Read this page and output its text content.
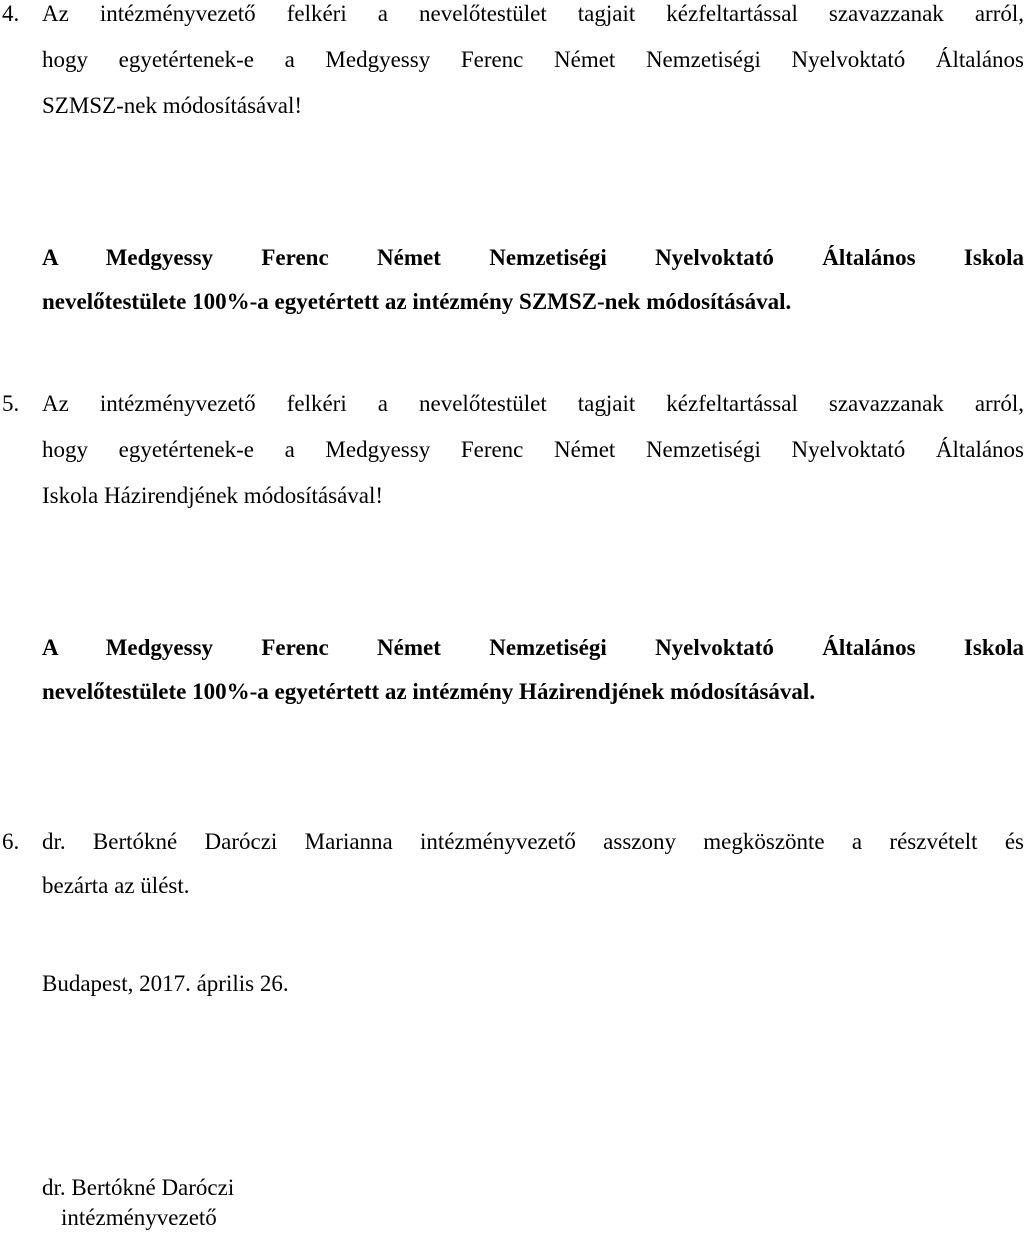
4. Az intézményvezető felkéri a nevelőtestület tagjait kézfeltartással szavazzanak arról,
hogy egyetértenek-e a Medgyessy Ferenc Német Nemzetiségi Nyelvoktató Általános
SZMSZ-nek módosításával!
A Medgyessy Ferenc Német Nemzetiségi Nyelvoktató Általános Iskola
nevelőtestülete 100%-a egyetértett az intézmény SZMSZ-nek módosításával.
5. Az intézményvezető felkéri a nevelőtestület tagjait kézfeltartással szavazzanak arról,
hogy egyetértenek-e a Medgyessy Ferenc Német Nemzetiségi Nyelvoktató Általános
Iskola Házirendjének módosításával!
A Medgyessy Ferenc Német Nemzetiségi Nyelvoktató Általános Iskola
nevelőtestülete 100%-a egyetértett az intézmény Házirendjének módosításával.
6. dr. Bertókné Daróczi Marianna intézményvezető asszony megköszönte a részvételt és
bezárta az ülést.
Budapest, 2017. április 26.
dr. Bertókné Daróczi
intézményvezető
